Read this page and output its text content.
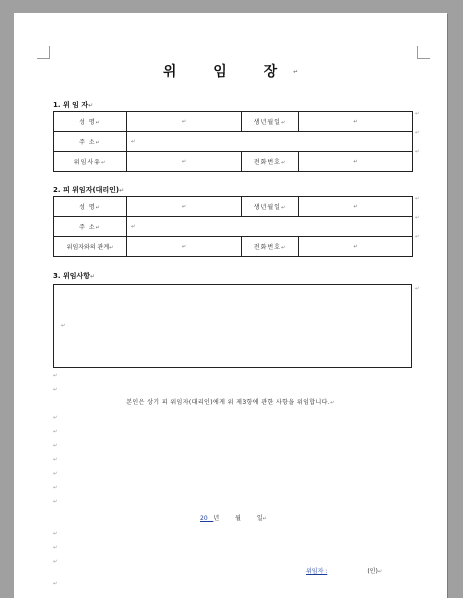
위 임 장↵
1. 위 임 자↵
성 명↵	↵	생년월일↵	↵
주 소↵	↵		
위임사유↵	↵	전화번호↵	↵
2. 피 위임자(대리인)↵
성 명↵	↵	생년월일↵	↵
주 소↵	↵		
위임자와의 관계↵	↵	전화번호↵	↵
3. 위임사항↵
↵
↵
↵
↵
↵
↵
↵
↵
↵
↵
↵
↵
↵
↵
↵
↵
↵
↵
↵
↵
↵
본인은 상기 피 위임자(대리인)에게 위 제3항에 관한 사항을 위임합니다.↵
20 년	월	일↵
위임자 :	(인)↵
